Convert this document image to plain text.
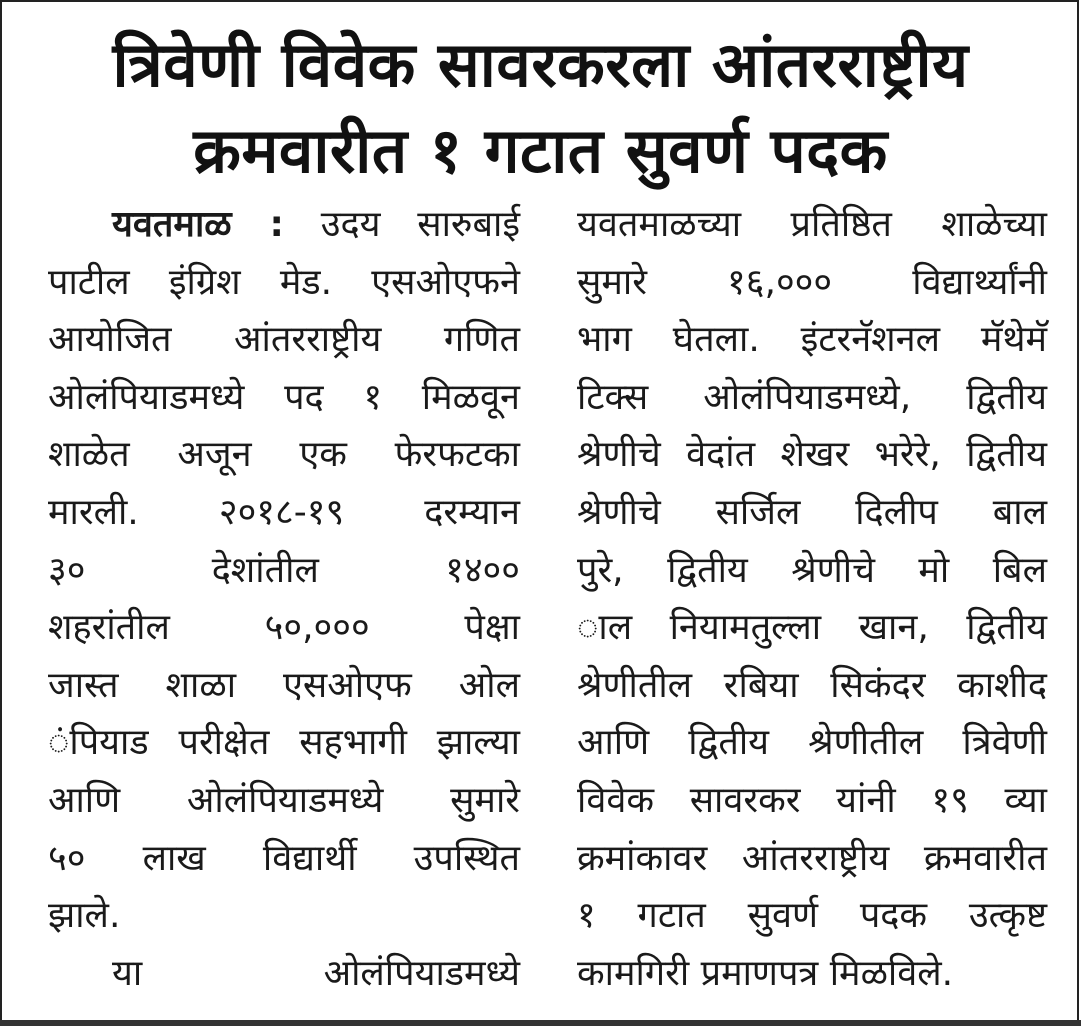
त्रिवेणी विवेक सावरकरला आंतरराष्ट्रीय
क्रमवारीत १ गटात सुवर्ण पदक
यवतमाळ : उदय सारुबाई
पाटील इंग्रिश मेड. एसओएफने
आयोजित आंतरराष्ट्रीय गणित
ओलंपियाडमध्ये पद १ मिळवून
शाळेत अजून एक फेरफटका
मारली. २०१८-१९ दरम्यान
३० देशांतील १४००
शहरांतील ५०,००० पेक्षा
जास्त शाळा एसओएफ ओल
ंपियाड परीक्षेत सहभागी झाल्या
आणि ओलंपियाडमध्ये सुमारे
५० लाख विद्यार्थी उपस्थित
झाले.
या ओलंपियाडमध्ये
यवतमाळच्या प्रतिष्ठित शाळेच्या
सुमारे १६,००० विद्यार्थ्यांनी
भाग घेतला. इंटरनॅशनल मॅथेमॅ
टिक्स ओलंपियाडमध्ये, द्वितीय
श्रेणीचे वेदांत शेखर भरेरे, द्वितीय
श्रेणीचे सर्जिल दिलीप बाल
पुरे, द्वितीय श्रेणीचे मो बिल
ाल नियामतुल्ला खान, द्वितीय
श्रेणीतील रबिया सिकंदर काशीद
आणि द्वितीय श्रेणीतील त्रिवेणी
विवेक सावरकर यांनी १९ व्या
क्रमांकावर आंतरराष्ट्रीय क्रमवारीत
१ गटात सुवर्ण पदक उत्कृष्ट
कामगिरी प्रमाणपत्र मिळविले.
